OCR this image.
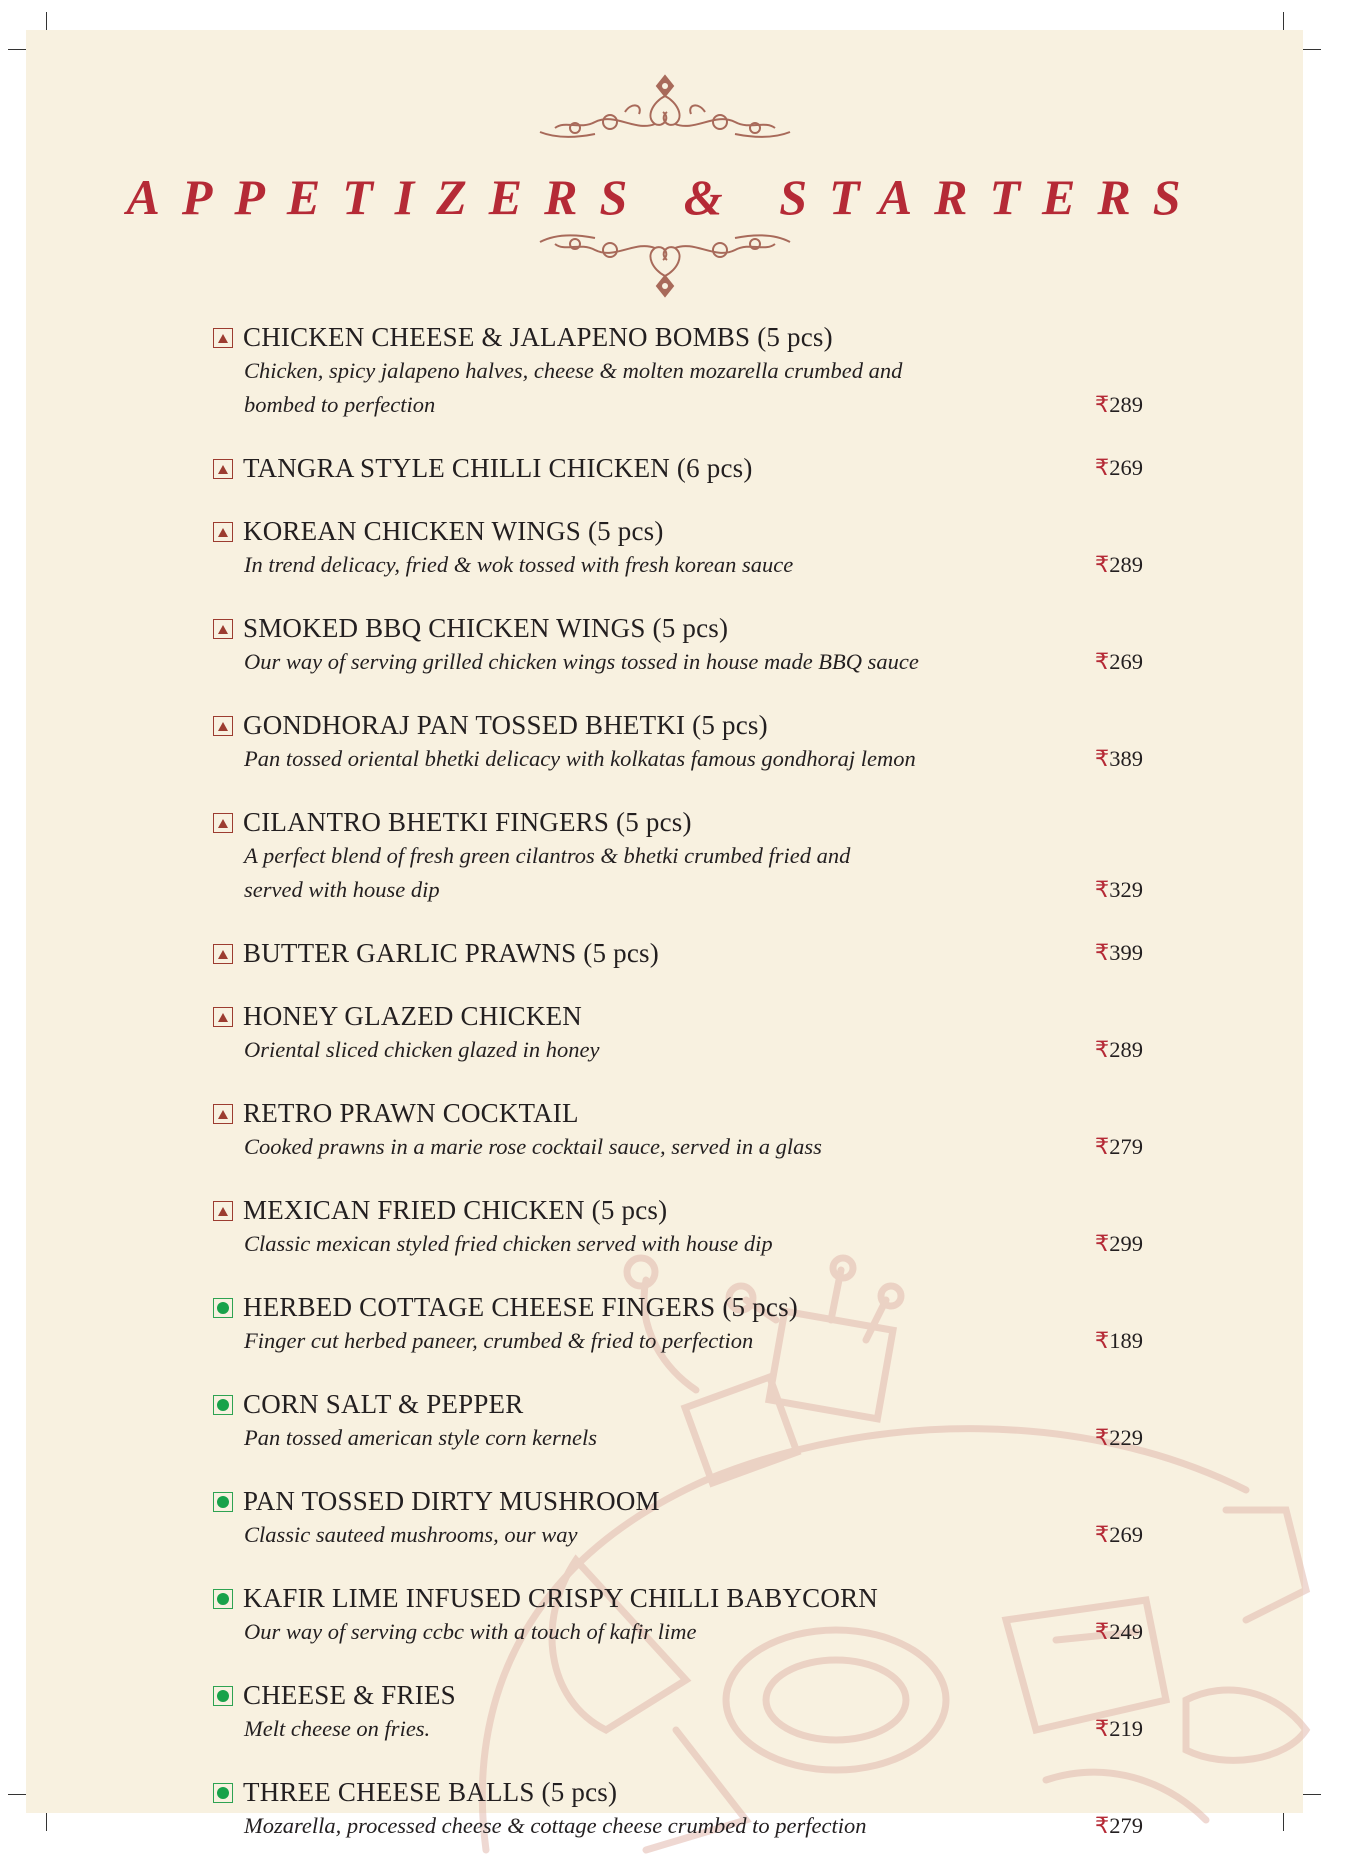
APPETIZERS & STARTERS
CHICKEN CHEESE & JALAPENO BOMBS (5 pcs)
Chicken, spicy jalapeno halves, cheese & molten mozarella crumbed and
bombed to perfection	₹289
TANGRA STYLE CHILLI CHICKEN (6 pcs)	₹269
KOREAN CHICKEN WINGS (5 pcs)
In trend delicacy, fried & wok tossed with fresh korean sauce	₹289
SMOKED BBQ CHICKEN WINGS (5 pcs)
Our way of serving grilled chicken wings tossed in house made BBQ sauce	₹269
GONDHORAJ PAN TOSSED BHETKI (5 pcs)
Pan tossed oriental bhetki delicacy with kolkatas famous gondhoraj lemon	₹389
CILANTRO BHETKI FINGERS (5 pcs)
A perfect blend of fresh green cilantros & bhetki crumbed fried and
served with house dip	₹329
BUTTER GARLIC PRAWNS (5 pcs)	₹399
HONEY GLAZED CHICKEN
Oriental sliced chicken glazed in honey	₹289
RETRO PRAWN COCKTAIL
Cooked prawns in a marie rose cocktail sauce, served in a glass	₹279
MEXICAN FRIED CHICKEN (5 pcs)
Classic mexican styled fried chicken served with house dip	₹299
HERBED COTTAGE CHEESE FINGERS (5 pcs)
Finger cut herbed paneer, crumbed & fried to perfection	₹189
CORN SALT & PEPPER
Pan tossed american style corn kernels	₹229
PAN TOSSED DIRTY MUSHROOM
Classic sauteed mushrooms, our way	₹269
KAFIR LIME INFUSED CRISPY CHILLI BABYCORN
Our way of serving ccbc with a touch of kafir lime	₹249
CHEESE & FRIES
Melt cheese on fries.	₹219
THREE CHEESE BALLS (5 pcs)
Mozarella, processed cheese & cottage cheese crumbed to perfection	₹279
